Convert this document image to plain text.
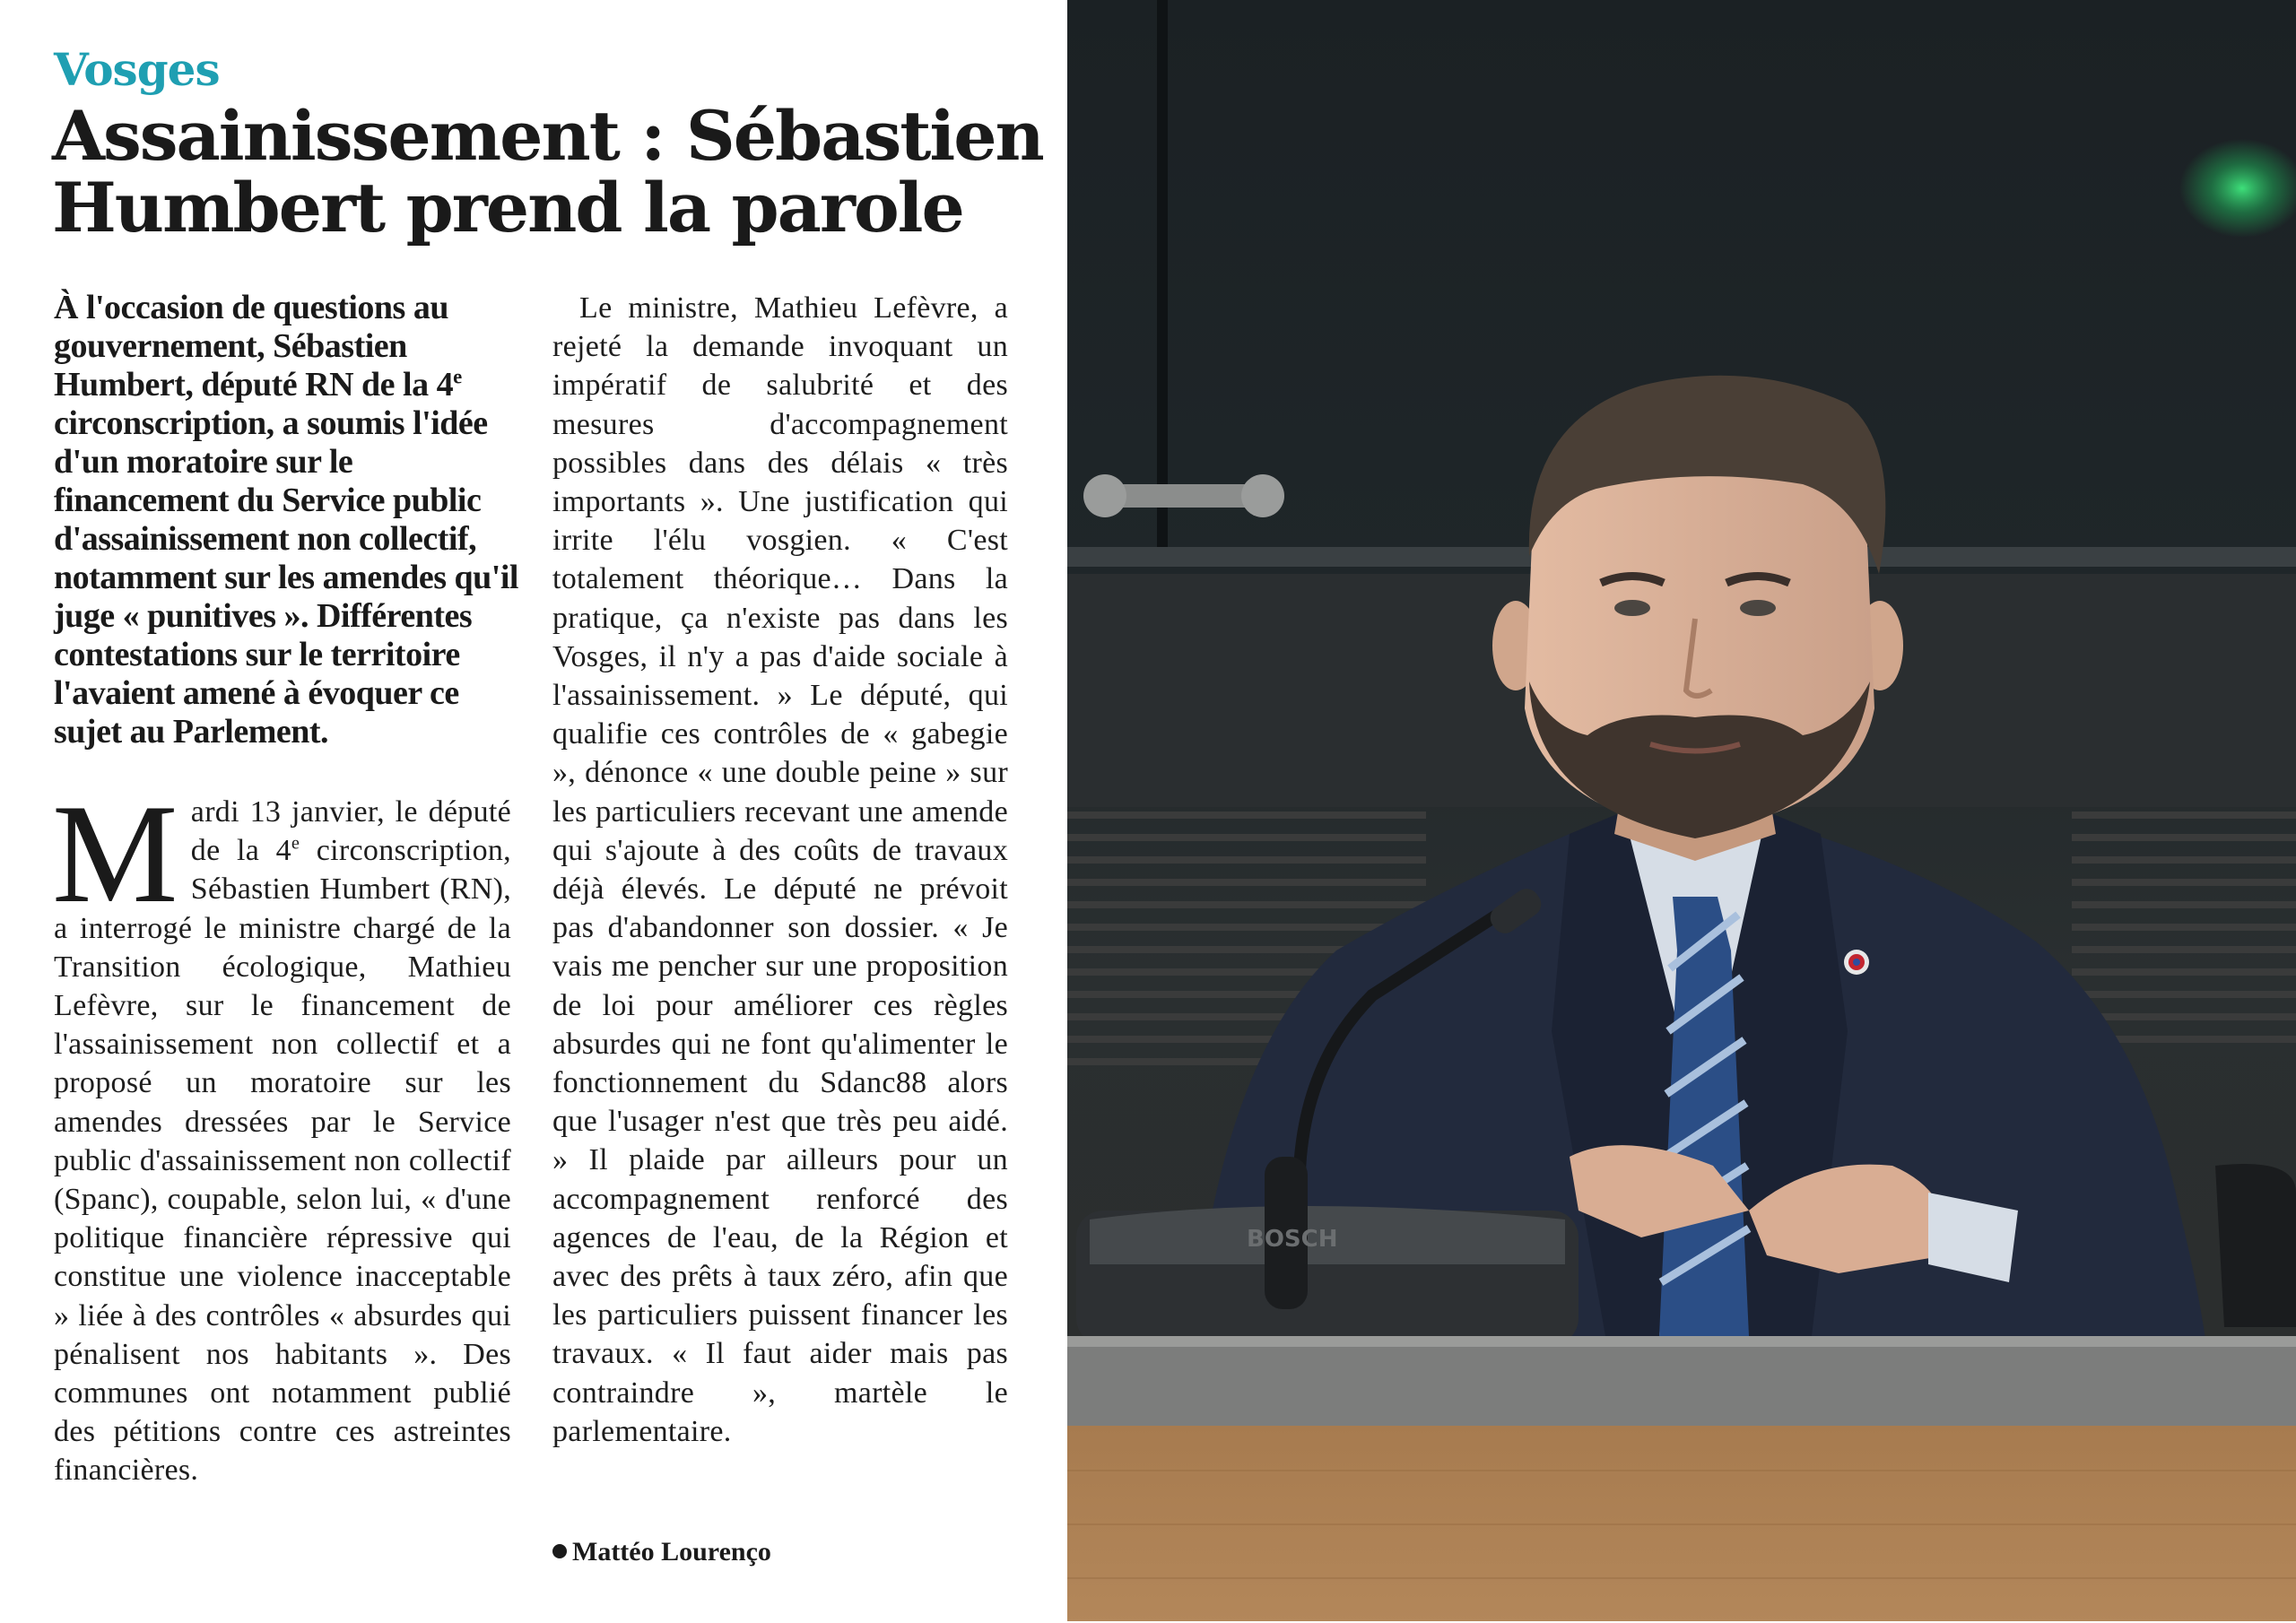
Vosges
Assainissement : Sébastien Humbert prend la parole

À l'occasion de questions au gouvernement, Sébastien Humbert, député RN de la 4e circonscription, a soumis l'idée d'un moratoire sur le financement du Service public d'assainissement non collectif, notamment sur les amendes qu'il juge « punitives ». Différentes contestations sur le territoire l'avaient amené à évoquer ce sujet au Parlement.

Mardi 13 janvier, le député de la 4e circonscription, Sébastien Humbert (RN), a interrogé le ministre chargé de la Transition écologique, Mathieu Lefèvre, sur le financement de l'assainissement non collectif et a proposé un moratoire sur les amendes dressées par le Service public d'assainissement non collectif (Spanc), coupable, selon lui, « d'une politique financière répressive qui constitue une violence inacceptable » liée à des contrôles « absurdes qui pénalisent nos habitants ». Des communes ont notamment publié des pétitions contre ces astreintes financières.

Le ministre, Mathieu Lefèvre, a rejeté la demande invoquant un impératif de salubrité et des mesures d'accompagnement possibles dans des délais « très importants ». Une justification qui irrite l'élu vosgien. « C'est totalement théorique… Dans la pratique, ça n'existe pas dans les Vosges, il n'y a pas d'aide sociale à l'assainissement. » Le député, qui qualifie ces contrôles de « gabegie », dénonce « une double peine » sur les particuliers recevant une amende qui s'ajoute à des coûts de travaux déjà élevés. Le député ne prévoit pas d'abandonner son dossier. « Je vais me pencher sur une proposition de loi pour améliorer ces règles absurdes qui ne font qu'alimenter le fonctionnement du Sdanc88 alors que l'usager n'est que très peu aidé. » Il plaide par ailleurs pour un accompagnement renforcé des agences de l'eau, de la Région et avec des prêts à taux zéro, afin que les particuliers puissent financer les travaux. « Il faut aider mais pas contraindre », martèle le parlementaire.

Mattéo Lourenço
BOSCH
